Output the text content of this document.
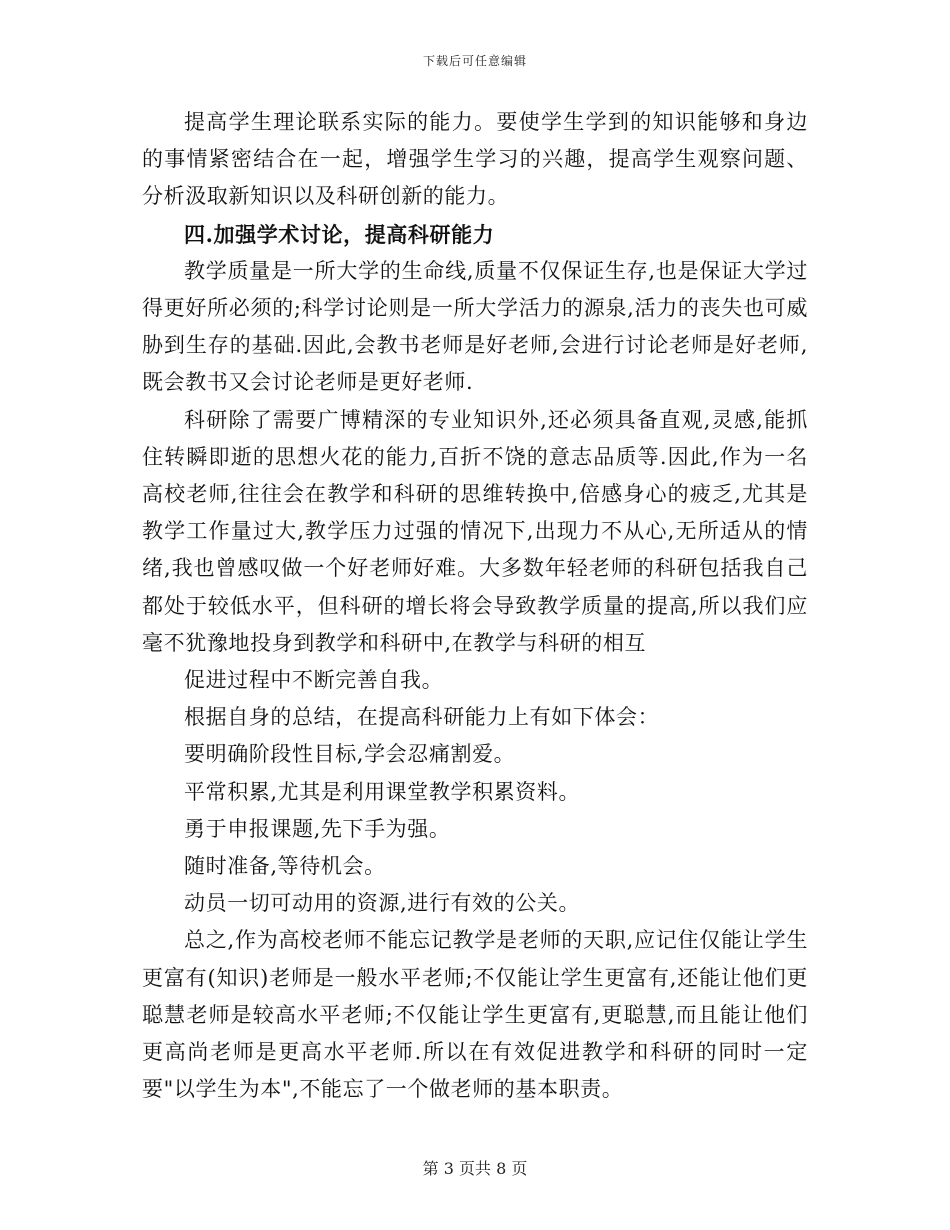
下载后可任意编辑

提高学生理论联系实际的能力。要使学生学到的知识能够和身边的事情紧密结合在一起，增强学生学习的兴趣，提高学生观察问题、分析汲取新知识以及科研创新的能力。

四.加强学术讨论，提高科研能力

教学质量是一所大学的生命线,质量不仅保证生存,也是保证大学过得更好所必须的;科学讨论则是一所大学活力的源泉,活力的丧失也可威胁到生存的基础.因此,会教书老师是好老师,会进行讨论老师是好老师,既会教书又会讨论老师是更好老师.

科研除了需要广博精深的专业知识外,还必须具备直观,灵感,能抓住转瞬即逝的思想火花的能力,百折不饶的意志品质等.因此,作为一名高校老师,往往会在教学和科研的思维转换中,倍感身心的疲乏,尤其是教学工作量过大,教学压力过强的情况下,出现力不从心,无所适从的情绪,我也曾感叹做一个好老师好难。大多数年轻老师的科研包括我自己都处于较低水平，但科研的增长将会导致教学质量的提高,所以我们应毫不犹豫地投身到教学和科研中,在教学与科研的相互

促进过程中不断完善自我。

根据自身的总结，在提高科研能力上有如下体会：

要明确阶段性目标,学会忍痛割爱。

平常积累,尤其是利用课堂教学积累资料。

勇于申报课题,先下手为强。

随时准备,等待机会。

动员一切可动用的资源,进行有效的公关。

总之,作为高校老师不能忘记教学是老师的天职,应记住仅能让学生更富有(知识)老师是一般水平老师;不仅能让学生更富有,还能让他们更聪慧老师是较高水平老师;不仅能让学生更富有,更聪慧,而且能让他们更高尚老师是更高水平老师.所以在有效促进教学和科研的同时一定要"以学生为本",不能忘了一个做老师的基本职责。

第 3 页共 8 页
